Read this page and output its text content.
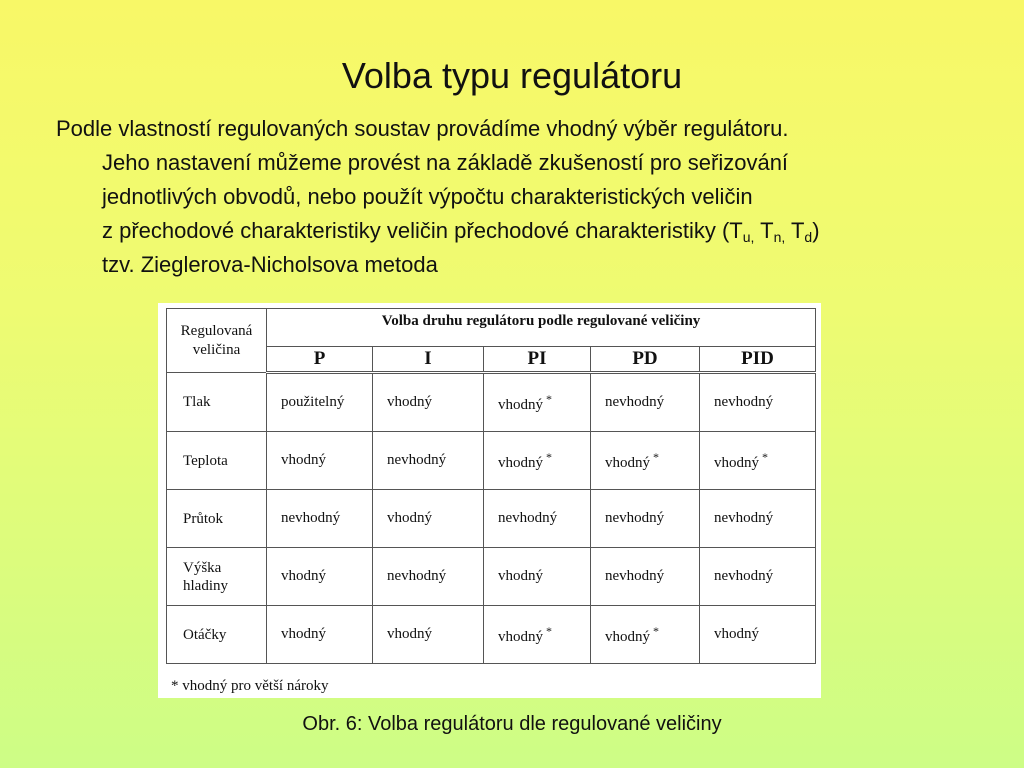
Volba typu regulátoru
Podle vlastností regulovaných soustav provádíme vhodný výběr regulátoru.
Jeho nastavení můžeme provést na základě zkušeností pro seřizování
jednotlivých obvodů, nebo použít výpočtu charakteristických veličin
z přechodové charakteristiky veličin přechodové charakteristiky ($T_{u,}$ $T_{n,}$ $T_d$)
tzv. Zieglerova-Nicholsova metoda
Regulovaná
veličina	Volba druhu regulátoru podle regulované veličiny				
	P	I	PI	PD	PID
Tlak	použitelný	vhodný	vhodný *	nevhodný	nevhodný
Teplota	vhodný	nevhodný	vhodný *	vhodný *	vhodný *
Průtok	nevhodný	vhodný	nevhodný	nevhodný	nevhodný
Výška
hladiny	vhodný	nevhodný	vhodný	nevhodný	nevhodný
Otáčky	vhodný	vhodný	vhodný *	vhodný *	vhodný
* vhodný pro větší nároky
Obr. 6: Volba regulátoru dle regulované veličiny
